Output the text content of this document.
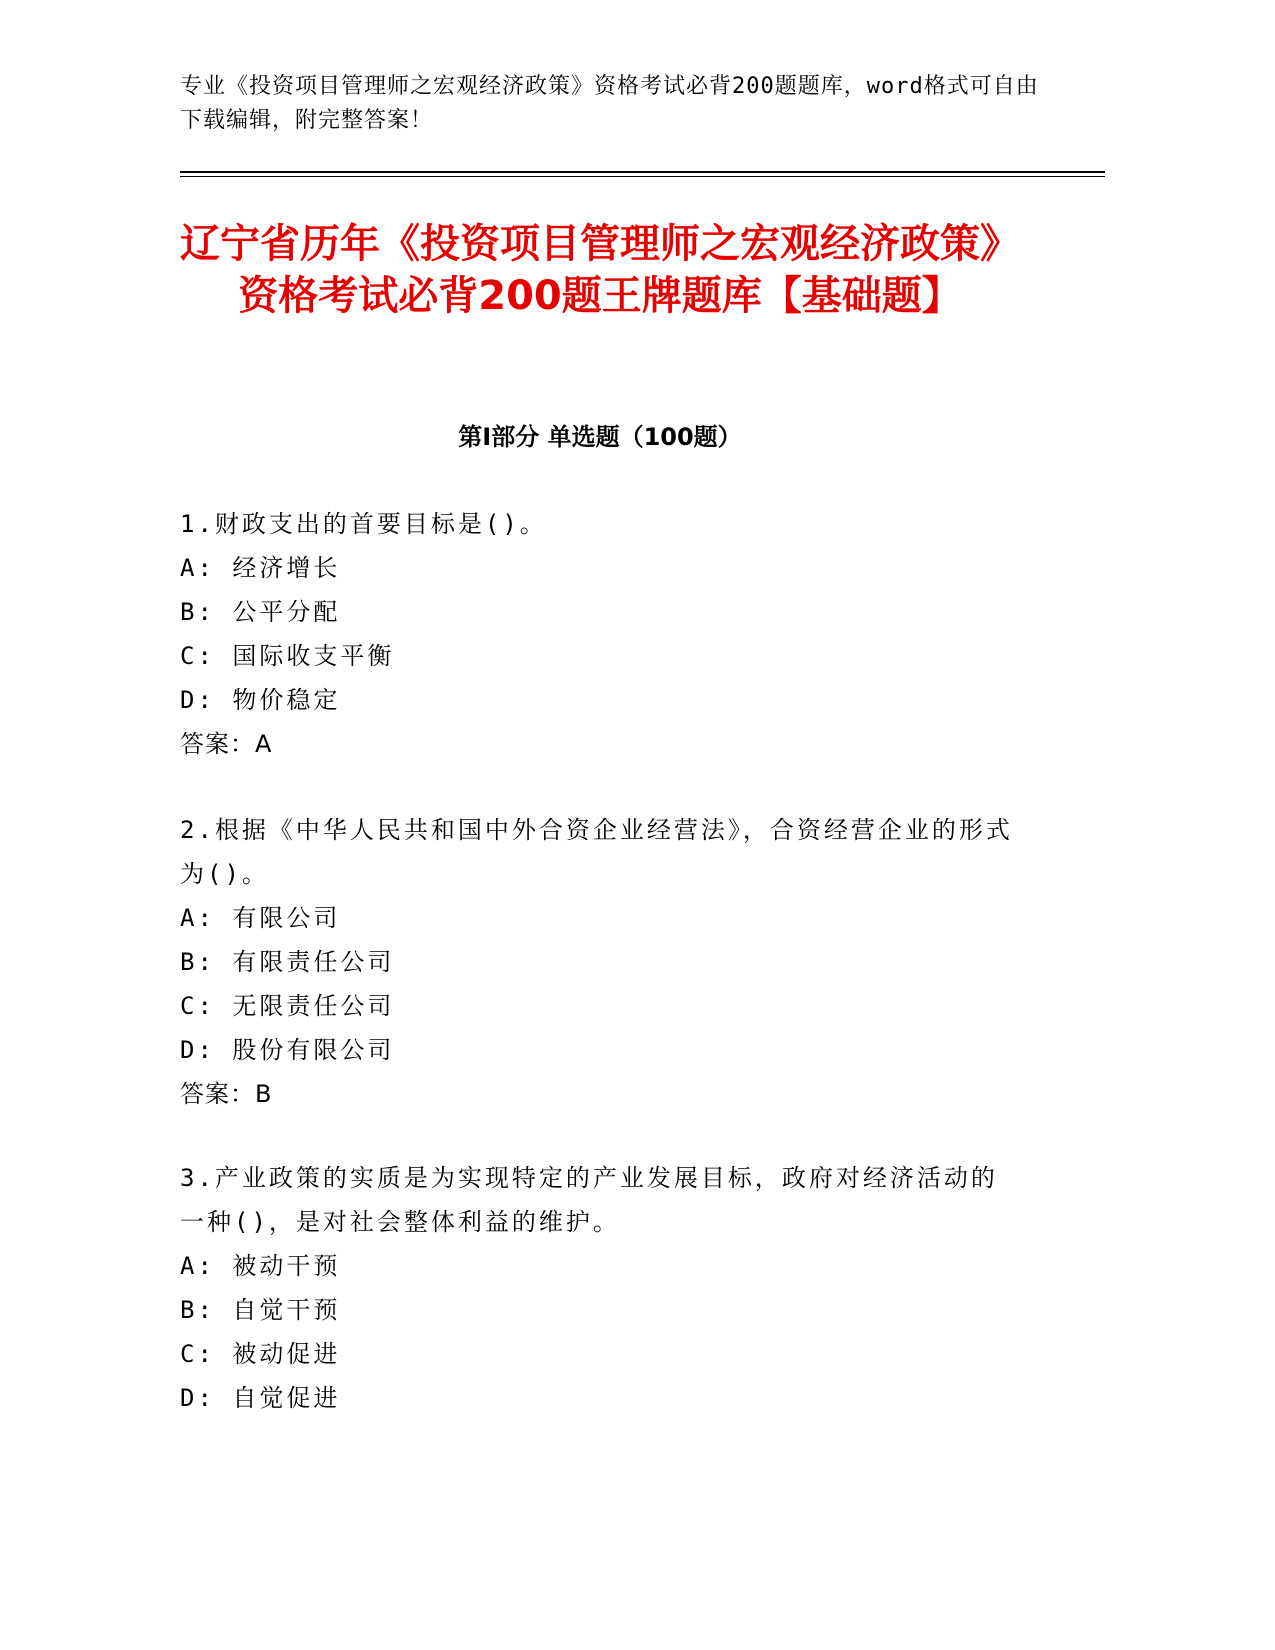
专业《投资项目管理师之宏观经济政策》资格考试必背200题题库，word格式可自由下载编辑，附完整答案！
辽宁省历年《投资项目管理师之宏观经济政策》资格考试必背200题王牌题库【基础题】
第I部分 单选题（100题）
1.财政支出的首要目标是()。
A: 经济增长
B: 公平分配
C: 国际收支平衡
D: 物价稳定
答案：A
2.根据《中华人民共和国中外合资企业经营法》，合资经营企业的形式为()。
A: 有限公司
B: 有限责任公司
C: 无限责任公司
D: 股份有限公司
答案：B
3.产业政策的实质是为实现特定的产业发展目标，政府对经济活动的一种()，是对社会整体利益的维护。
A: 被动干预
B: 自觉干预
C: 被动促进
D: 自觉促进
